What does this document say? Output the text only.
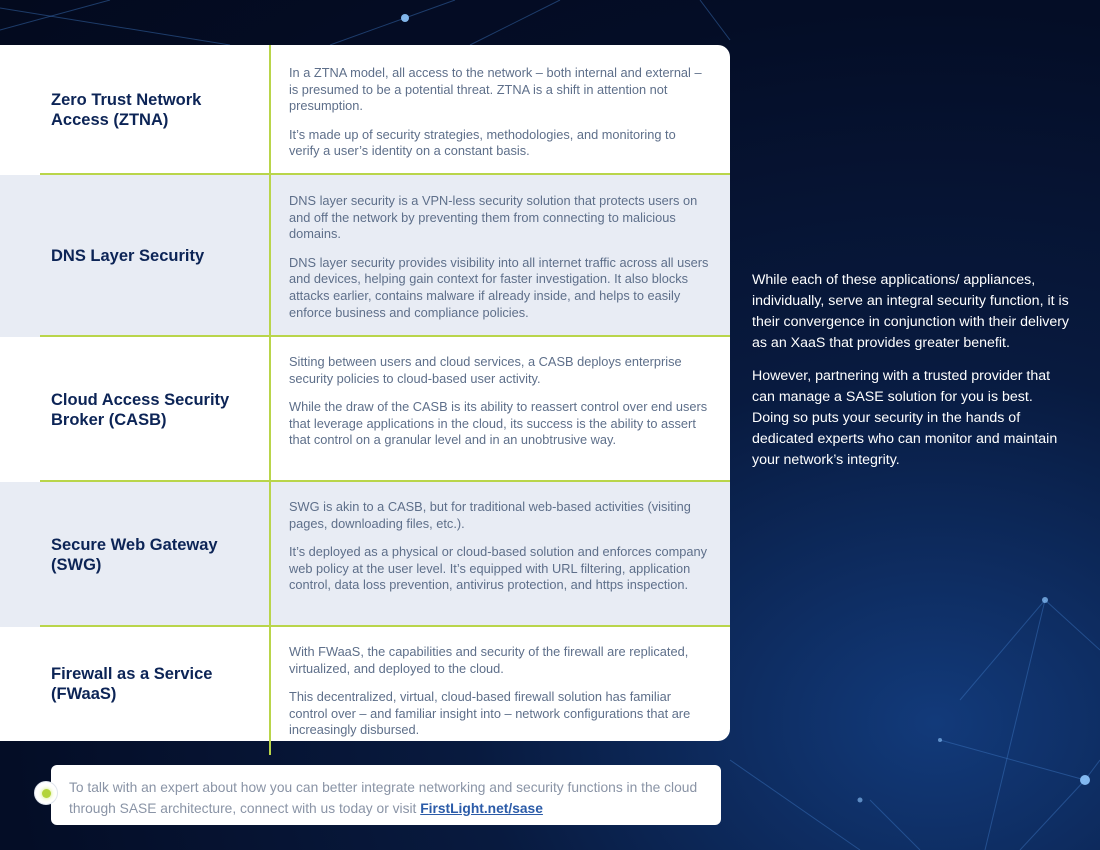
Zero Trust Network Access (ZTNA)

In a ZTNA model, all access to the network – both internal and external – is presumed to be a potential threat. ZTNA is a shift in attention not presumption.

It’s made up of security strategies, methodologies, and monitoring to verify a user’s identity on a constant basis.

DNS Layer Security

DNS layer security is a VPN-less security solution that protects users on and off the network by preventing them from connecting to malicious domains.

DNS layer security provides visibility into all internet traffic across all users and devices, helping gain context for faster investigation. It also blocks attacks earlier, contains malware if already inside, and helps to easily enforce business and compliance policies.

Cloud Access Security Broker (CASB)

Sitting between users and cloud services, a CASB deploys enterprise security policies to cloud-based user activity.

While the draw of the CASB is its ability to reassert control over end users that leverage applications in the cloud, its success is the ability to assert that control on a granular level and in an unobtrusive way.

Secure Web Gateway (SWG)

SWG is akin to a CASB, but for traditional web-based activities (visiting pages, downloading files, etc.).

It’s deployed as a physical or cloud-based solution and enforces company web policy at the user level. It’s equipped with URL filtering, application control, data loss prevention, antivirus protection, and https inspection.

Firewall as a Service (FWaaS)

With FWaaS, the capabilities and security of the firewall are replicated, virtualized, and deployed to the cloud.

This decentralized, virtual, cloud-based firewall solution has familiar control over – and familiar insight into – network configurations that are increasingly disbursed.

While each of these applications/ appliances, individually, serve an integral security function, it is their convergence in conjunction with their delivery as an XaaS that provides greater benefit.

However, partnering with a trusted provider that can manage a SASE solution for you is best. Doing so puts your security in the hands of dedicated experts who can monitor and maintain your network’s integrity.

To talk with an expert about how you can better integrate networking and security functions in the cloud through SASE architecture, connect with us today or visit FirstLight.net/sase
